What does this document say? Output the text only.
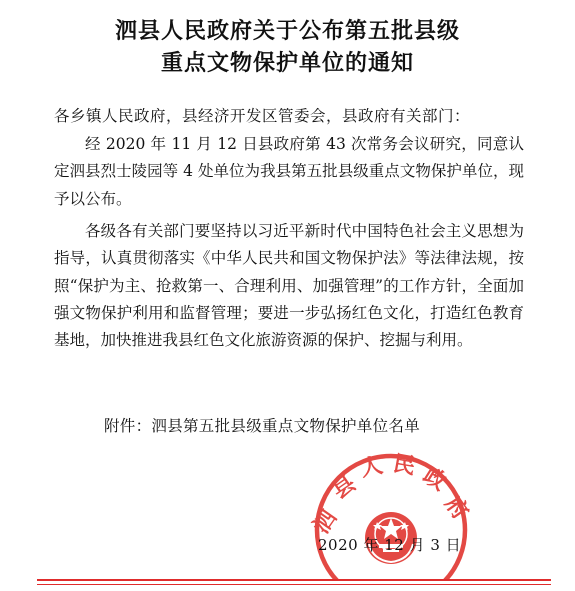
泗县人民政府关于公布第五批县级
重点文物保护单位的通知
各乡镇人民政府，县经济开发区管委会，县政府有关部门：

经 2020 年 11 月 12 日县政府第 43 次常务会议研究，同意认定泗县烈士陵园等 4 处单位为我县第五批县级重点文物保护单位，现予以公布。

各级各有关部门要坚持以习近平新时代中国特色社会主义思想为指导，认真贯彻落实《中华人民共和国文物保护法》等法律法规，按照“保护为主、抢救第一、合理利用、加强管理”的工作方针，全面加强文物保护利用和监督管理；要进一步弘扬红色文化，打造红色教育基地，加快推进我县红色文化旅游资源的保护、挖掘与利用。

附件：泗县第五批县级重点文物保护单位名单
泗
县
人 民 政
府
2020 年 12 月 3 日
